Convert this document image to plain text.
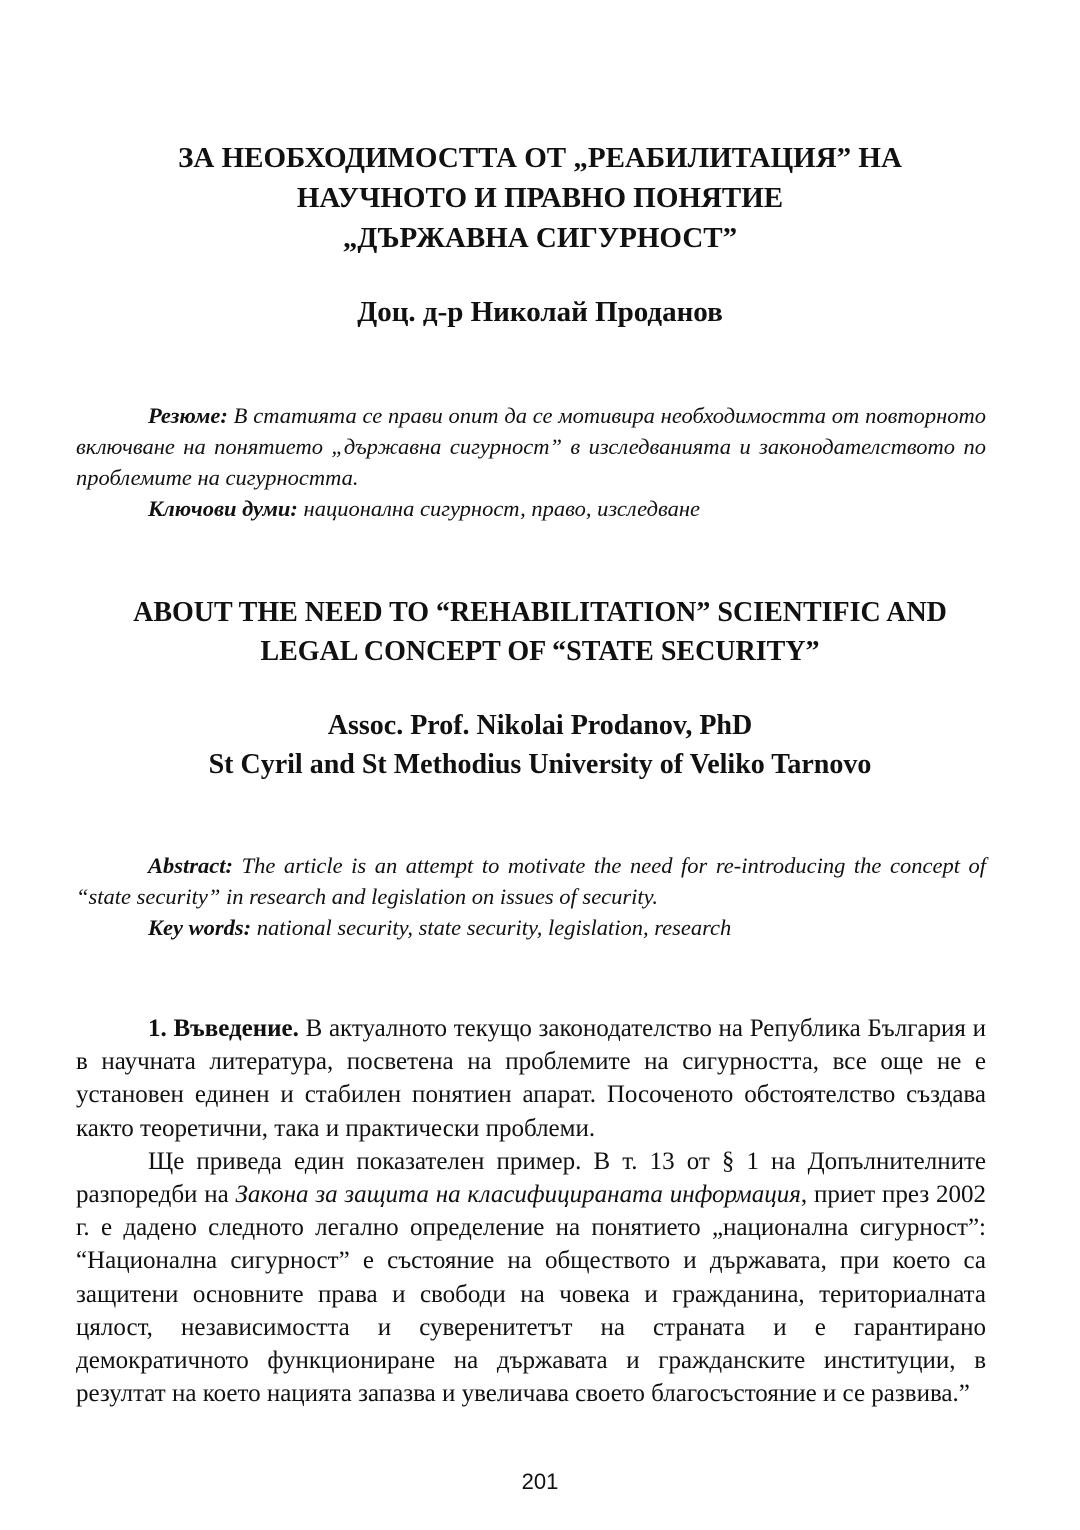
ЗА НЕОБХОДИМОСТТА ОТ „РЕАБИЛИТАЦИЯ” НА
НАУЧНОТО И ПРАВНО ПОНЯТИЕ
„ДЪРЖАВНА СИГУРНОСТ”
Доц. д-р Николай Проданов

Резюме: В статията се прави опит да се мотивира необходимостта от повторното включване на понятието „държавна сигурност” в изследванията и законодателството по проблемите на сигурността.

Ключови думи: национална сигурност, право, изследване

ABOUT THE NEED TO “REHABILITATION” SCIENTIFIC AND
LEGAL CONCEPT OF “STATE SECURITY”
Assoc. Prof. Nikolai Prodanov, PhD
St Cyril and St Methodius University of Veliko Tarnovo

Abstract: The article is an attempt to motivate the need for re-introducing the concept of “state security” in research and legislation on issues of security.

Key words: national security, state security, legislation, research

1. Въведение. В актуалното текущо законодателство на Република България и в научната литература, посветена на проблемите на сигурността, все още не е установен единен и стабилен понятиен апарат. Посоченото обстоятелство създава както теоретични, така и практически проблеми.

Ще приведа един показателен пример. В т. 13 от § 1 на Допълнителните разпоредби на Закона за защита на класифицираната информация, приет през 2002 г. е дадено следното легално определение на понятието „национална сигурност”: “Национална сигурност” е състояние на обществото и държавата, при което са защитени основните права и свободи на човека и гражданина, териториалната цялост, независимостта и суверенитетът на страната и е гарантирано демократичното функциониране на държавата и гражданските институции, в резултат на което нацията запазва и увеличава своето благосъстояние и се развива.”

201
